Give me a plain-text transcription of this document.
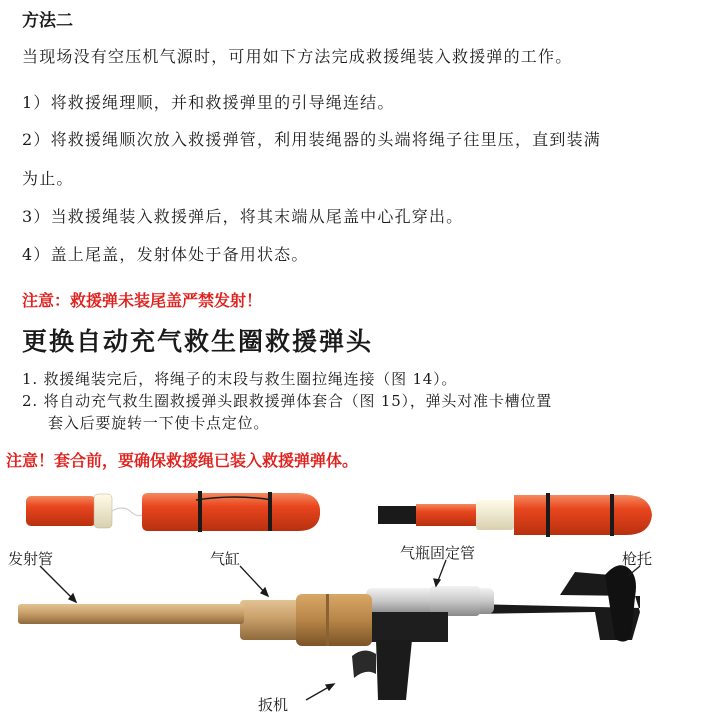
方法二
当现场没有空压机气源时，可用如下方法完成救援绳装入救援弹的工作。
1）将救援绳理顺，并和救援弹里的引导绳连结。
2）将救援绳顺次放入救援弹管，利用装绳器的头端将绳子往里压，直到装满
为止。
3）当救援绳装入救援弹后，将其末端从尾盖中心孔穿出。
4）盖上尾盖，发射体处于备用状态。
注意：救援弹未装尾盖严禁发射！
更换自动充气救生圈救援弹头
1. 救援绳装完后，将绳子的末段与救生圈拉绳连接（图 14）。
2. 将自动充气救生圈救援弹头跟救援弹体套合（图 15），弹头对准卡槽位置
套入后要旋转一下使卡点定位。
注意！套合前，要确保救援绳已装入救援弹弹体。
发射管	气缸	气瓶固定管	枪托
扳机
